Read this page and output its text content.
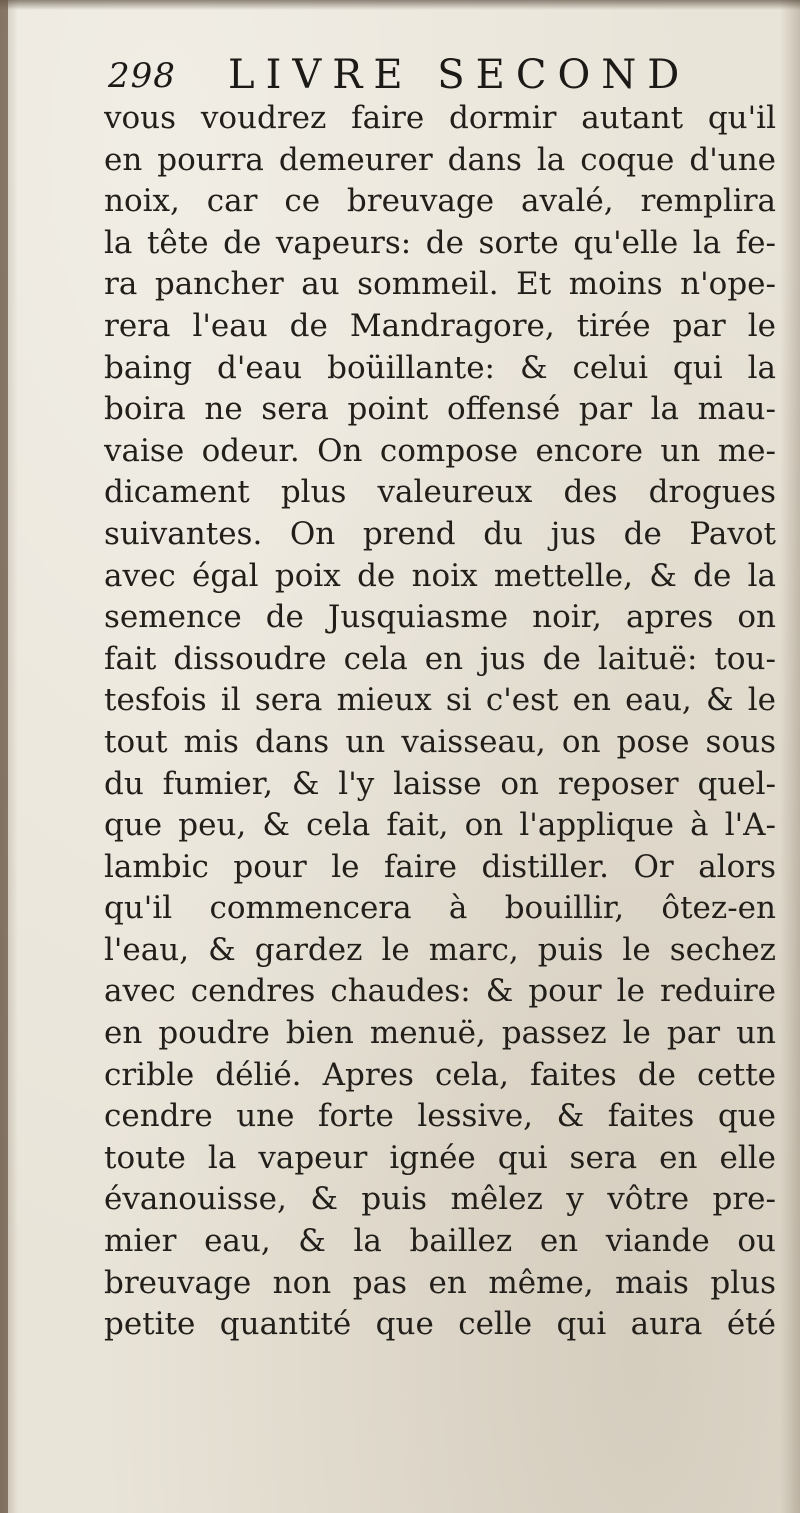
298 LIVRE SECOND
vous voudrez faire dormir autant qu'il
en pourra demeurer dans la coque d'une
noix, car ce breuvage avalé, remplira
la tête de vapeurs: de sorte qu'elle la fe-
ra pancher au sommeil. Et moins n'ope-
rera l'eau de Mandragore, tirée par le
baing d'eau boüillante: & celui qui la
boira ne sera point offensé par la mau-
vaise odeur. On compose encore un me-
dicament plus valeureux des drogues
suivantes. On prend du jus de Pavot
avec égal poix de noix mettelle, & de la
semence de Jusquiasme noir, apres on
fait dissoudre cela en jus de laituë: tou-
tesfois il sera mieux si c'est en eau, & le
tout mis dans un vaisseau, on pose sous
du fumier, & l'y laisse on reposer quel-
que peu, & cela fait, on l'applique à l'A-
lambic pour le faire distiller. Or alors
qu'il commencera à bouillir, ôtez-en
l'eau, & gardez le marc, puis le sechez
avec cendres chaudes: & pour le reduire
en poudre bien menuë, passez le par un
crible délié. Apres cela, faites de cette
cendre une forte lessive, & faites que
toute la vapeur ignée qui sera en elle
évanouisse, & puis mêlez y vôtre pre-
mier eau, & la baillez en viande ou
breuvage non pas en même, mais plus
petite quantité que celle qui aura été
